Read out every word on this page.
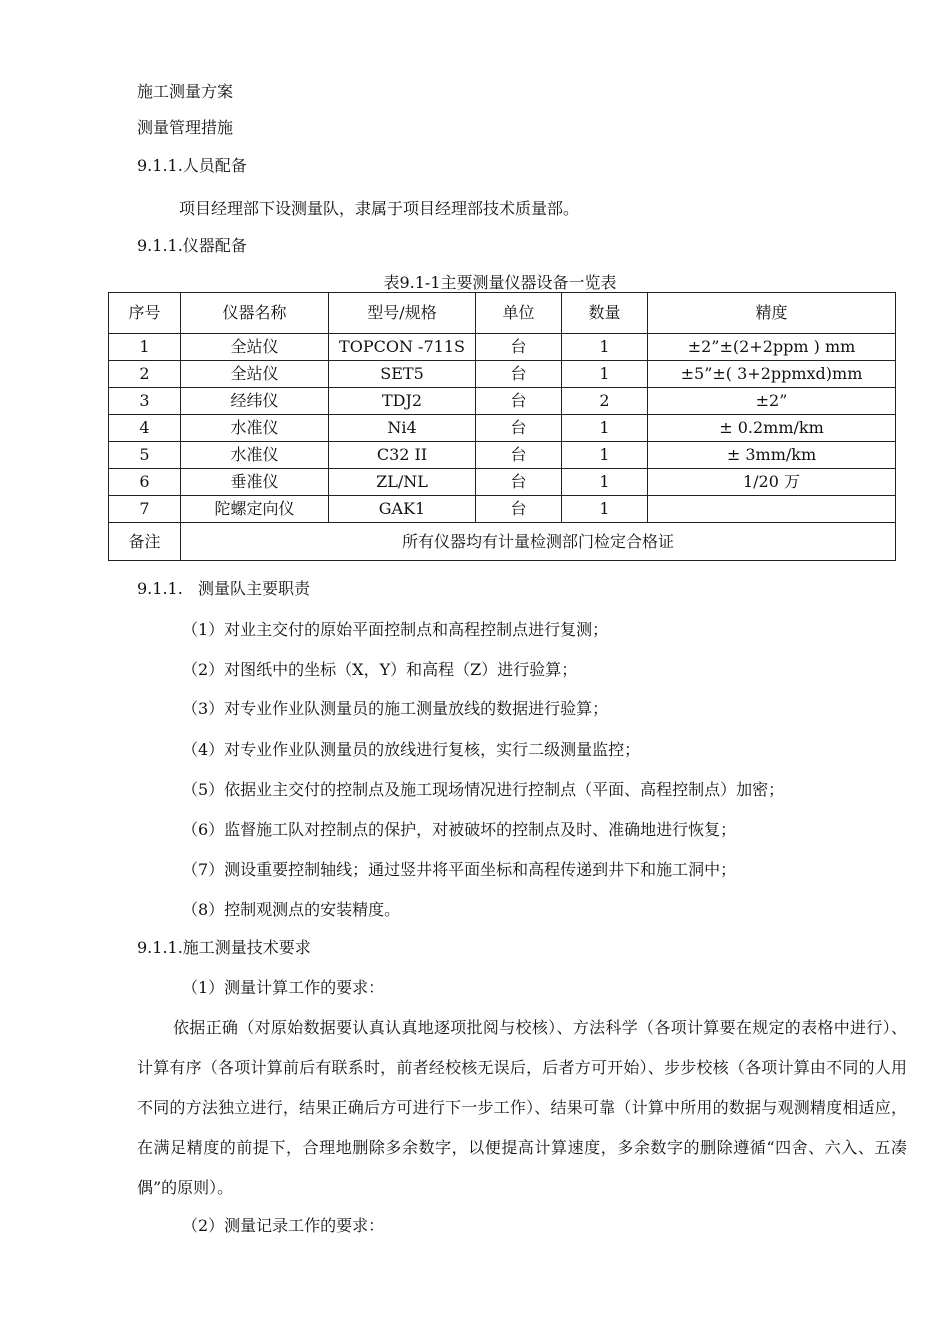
施工测量方案
测量管理措施
9.1.1.人员配备
项目经理部下设测量队，隶属于项目经理部技术质量部。
9.1.1.仪器配备
表9.1-1主要测量仪器设备一览表
序号	仪器名称	型号/规格	单位	数量	精度
1	全站仪	TOPCON -711S	台	1	±2”±(2+2ppm ) mm
2	全站仪	SET5	台	1	±5”±( 3+2ppmxd)mm
3	经纬仪	TDJ2	台	2	±2”
4	水准仪	Ni4	台	1	± 0.2mm/km
5	水准仪	C32 II	台	1	± 3mm/km
6	垂准仪	ZL/NL	台	1	1/20 万
7	陀螺定向仪	GAK1	台	1	
备注	所有仪器均有计量检测部门检定合格证				
9.1.1.   测量队主要职责
（1）对业主交付的原始平面控制点和高程控制点进行复测；
（2）对图纸中的坐标（X，Y）和高程（Z）进行验算；
（3）对专业作业队测量员的施工测量放线的数据进行验算；
（4）对专业作业队测量员的放线进行复核，实行二级测量监控；
（5）依据业主交付的控制点及施工现场情况进行控制点（平面、高程控制点）加密；
（6）监督施工队对控制点的保护，对被破坏的控制点及时、准确地进行恢复；
（7）测设重要控制轴线；通过竖井将平面坐标和高程传递到井下和施工洞中；
（8）控制观测点的安装精度。
9.1.1.施工测量技术要求
（1）测量计算工作的要求：
依据正确（对原始数据要认真认真地逐项批阅与校核）、方法科学（各项计算要在规定的表格中进行）、计算有序（各项计算前后有联系时，前者经校核无误后，后者方可开始）、步步校核（各项计算由不同的人用不同的方法独立进行，结果正确后方可进行下一步工作）、结果可靠（计算中所用的数据与观测精度相适应，在满足精度的前提下，合理地删除多余数字，以便提高计算速度，多余数字的删除遵循“四舍、六入、五凑偶”的原则）。
（2）测量记录工作的要求：
